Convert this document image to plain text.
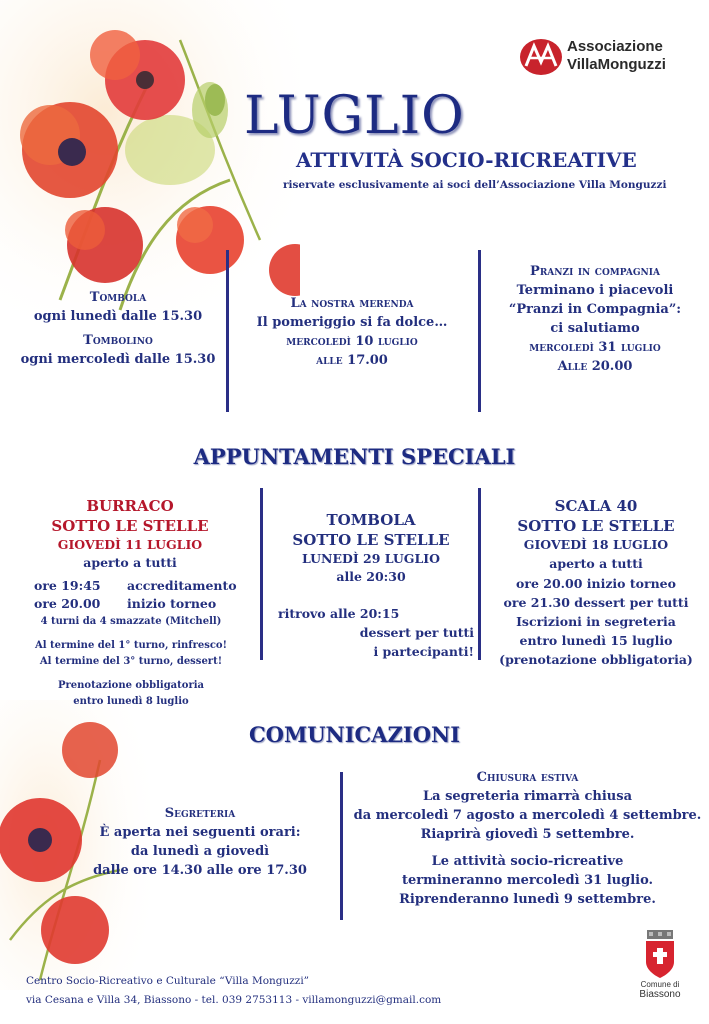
Associazione
VillaMonguzzi
LUGLIO
ATTIVITÀ SOCIO-RICREATIVE
riservate esclusivamente ai soci dell’Associazione Villa Monguzzi
Tombola
ogni lunedì dalle 15.30
Tombolino
ogni mercoledì dalle 15.30
La nostra merenda
Il pomeriggio si fa dolce…
mercoledì 10 luglio
alle 17.00
Pranzi in compagnia
Terminano i piacevoli
“Pranzi in Compagnia”:
ci salutiamo
mercoledì 31 luglio
Alle 20.00
APPUNTAMENTI SPECIALI
BURRACO
SOTTO LE STELLE
GIOVEDÌ 11 LUGLIO
aperto a tutti
ore 19:45 accreditamento
ore 20.00 inizio torneo
4 turni da 4 smazzate (Mitchell)
Al termine del 1° turno, rinfresco!
Al termine del 3° turno, dessert!
Prenotazione obbligatoria
entro lunedì 8 luglio
TOMBOLA
SOTTO LE STELLE
LUNEDÌ 29 LUGLIO
alle 20:30
ritrovo alle 20:15
dessert per tutti
i partecipanti!
SCALA 40
SOTTO LE STELLE
GIOVEDÌ 18 LUGLIO
aperto a tutti
ore 20.00 inizio torneo
ore 21.30 dessert per tutti
Iscrizioni in segreteria
entro lunedì 15 luglio
(prenotazione obbligatoria)
COMUNICAZIONI
Segreteria
È aperta nei seguenti orari:
da lunedì a giovedì
dalle ore 14.30 alle ore 17.30
Chiusura estiva
La segreteria rimarrà chiusa
da mercoledì 7 agosto a mercoledì 4 settembre.
Riaprirà giovedì 5 settembre.
Le attività socio-ricreative
termineranno mercoledì 31 luglio.
Riprenderanno lunedì 9 settembre.
Centro Socio-Ricreativo e Culturale “Villa Monguzzi”
via Cesana e Villa 34, Biassono - tel. 039 2753113 - villamonguzzi@gmail.com
Comune di
Biassono
